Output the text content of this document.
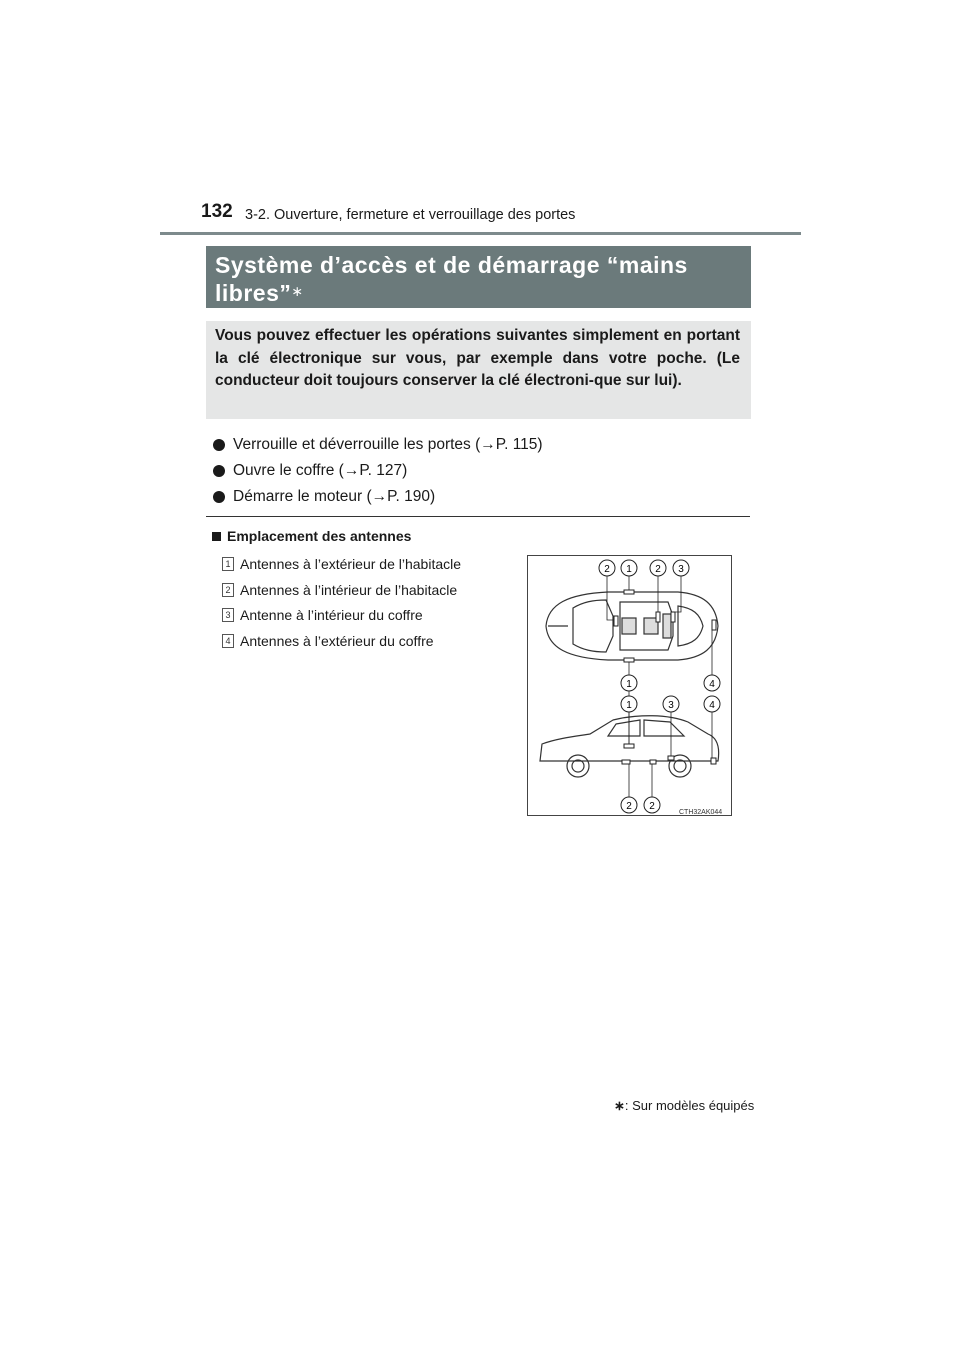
132 3-2. Ouverture, fermeture et verrouillage des portes
Système d’accès et de démarrage “mains libres”∗
Vous pouvez effectuer les opérations suivantes simplement en portant la clé électronique sur vous, par exemple dans votre poche. (Le conducteur doit toujours conserver la clé électroni-que sur lui).
Verrouille et déverrouille les portes (→P. 115)
Ouvre le coffre (→P. 127)
Démarre le moteur (→P. 190)
Emplacement des antennes
1 Antennes à l’extérieur de l’habitacle
2 Antennes à l’intérieur de l’habitacle
3 Antenne à l’intérieur du coffre
4 Antennes à l’extérieur du coffre
2 1 2 3
1	4
1	3	4
2 2
CTH32AK044
∗: Sur modèles équipés
